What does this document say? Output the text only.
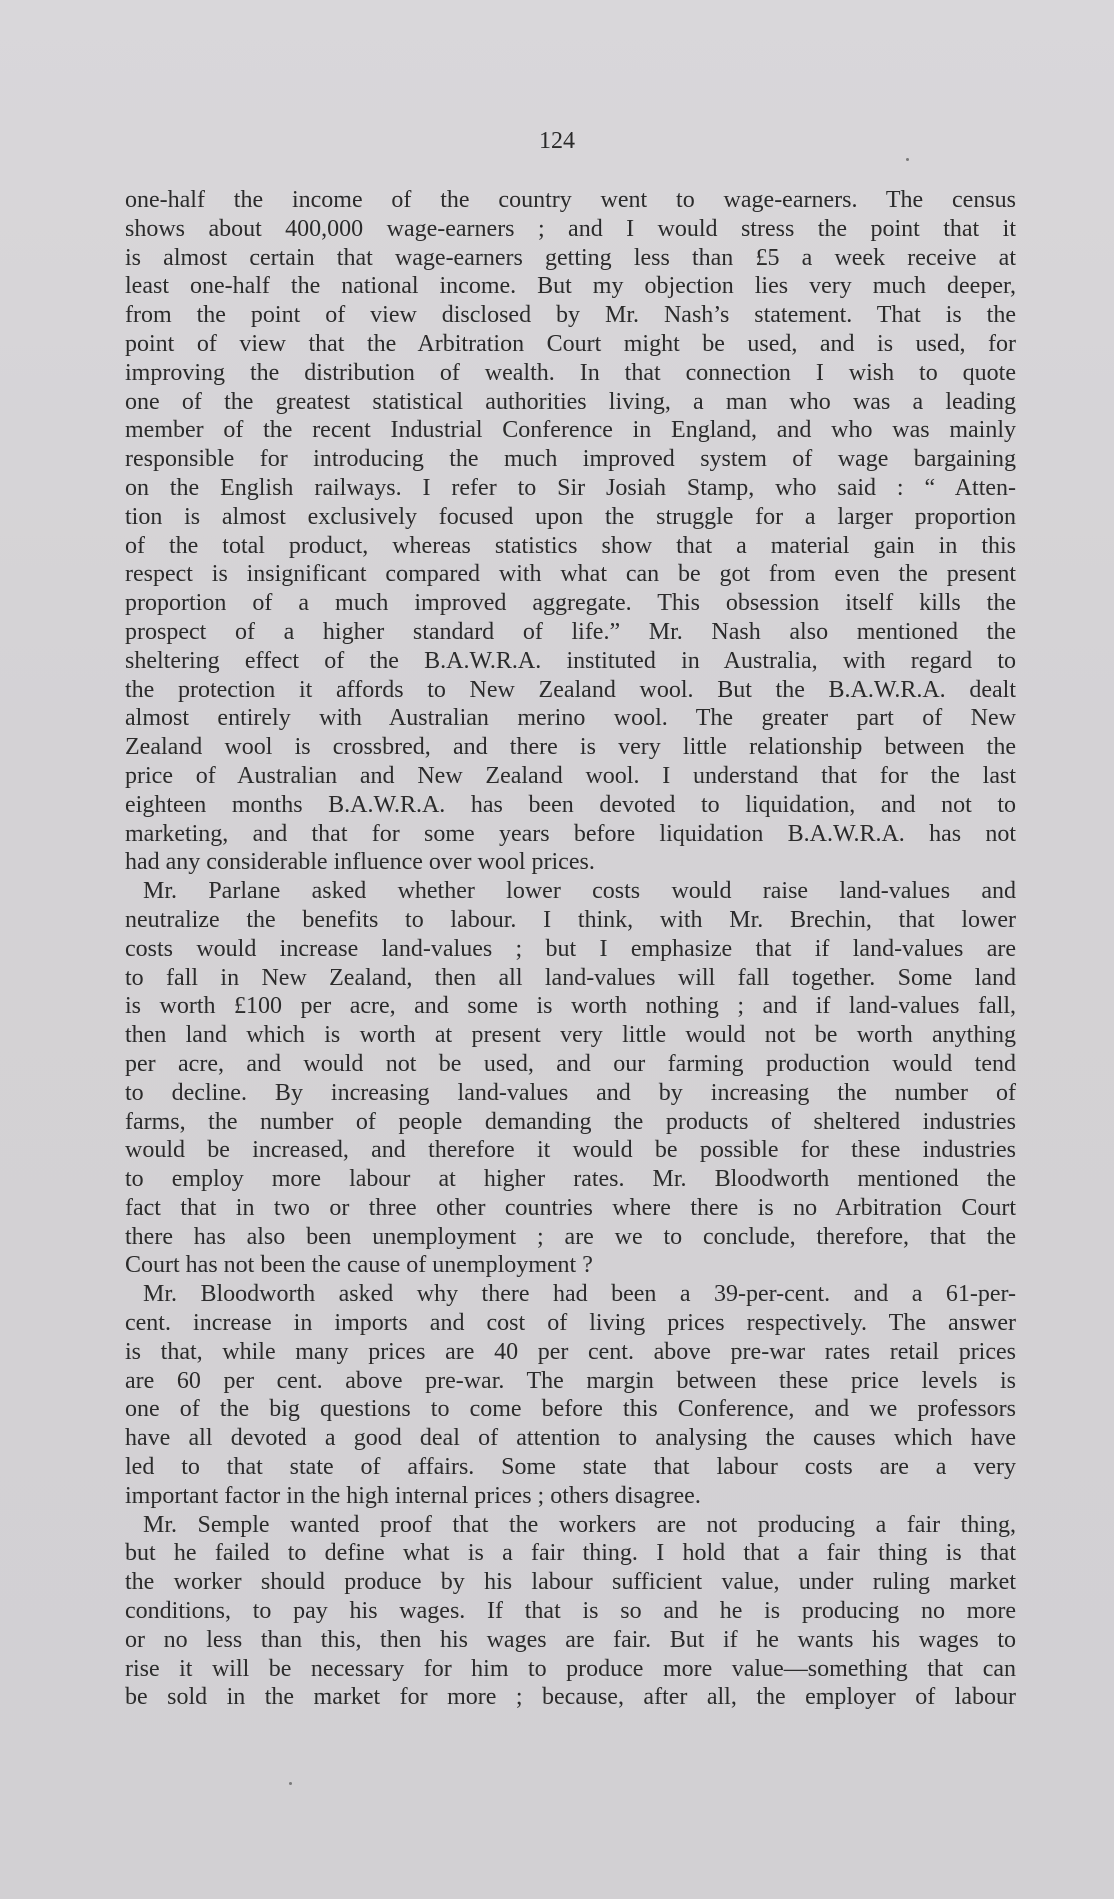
124
one-half the income of the country went to wage-earners. The census
shows about 400,000 wage-earners ; and I would stress the point that it
is almost certain that wage-earners getting less than £5 a week receive at
least one-half the national income. But my objection lies very much deeper,
from the point of view disclosed by Mr. Nash’s statement. That is the
point of view that the Arbitration Court might be used, and is used, for
improving the distribution of wealth. In that connection I wish to quote
one of the greatest statistical authorities living, a man who was a leading
member of the recent Industrial Conference in England, and who was mainly
responsible for introducing the much improved system of wage bargaining
on the English railways. I refer to Sir Josiah Stamp, who said : “ Atten-
tion is almost exclusively focused upon the struggle for a larger proportion
of the total product, whereas statistics show that a material gain in this
respect is insignificant compared with what can be got from even the present
proportion of a much improved aggregate. This obsession itself kills the
prospect of a higher standard of life.” Mr. Nash also mentioned the
sheltering effect of the B.A.W.R.A. instituted in Australia, with regard to
the protection it affords to New Zealand wool. But the B.A.W.R.A. dealt
almost entirely with Australian merino wool. The greater part of New
Zealand wool is crossbred, and there is very little relationship between the
price of Australian and New Zealand wool. I understand that for the last
eighteen months B.A.W.R.A. has been devoted to liquidation, and not to
marketing, and that for some years before liquidation B.A.W.R.A. has not
had any considerable influence over wool prices.
Mr. Parlane asked whether lower costs would raise land-values and
neutralize the benefits to labour. I think, with Mr. Brechin, that lower
costs would increase land-values ; but I emphasize that if land-values are
to fall in New Zealand, then all land-values will fall together. Some land
is worth £100 per acre, and some is worth nothing ; and if land-values fall,
then land which is worth at present very little would not be worth anything
per acre, and would not be used, and our farming production would tend
to decline. By increasing land-values and by increasing the number of
farms, the number of people demanding the products of sheltered industries
would be increased, and therefore it would be possible for these industries
to employ more labour at higher rates. Mr. Bloodworth mentioned the
fact that in two or three other countries where there is no Arbitration Court
there has also been unemployment ; are we to conclude, therefore, that the
Court has not been the cause of unemployment ?
Mr. Bloodworth asked why there had been a 39-per-cent. and a 61-per-
cent. increase in imports and cost of living prices respectively. The answer
is that, while many prices are 40 per cent. above pre-war rates retail prices
are 60 per cent. above pre-war. The margin between these price levels is
one of the big questions to come before this Conference, and we professors
have all devoted a good deal of attention to analysing the causes which have
led to that state of affairs. Some state that labour costs are a very
important factor in the high internal prices ; others disagree.
Mr. Semple wanted proof that the workers are not producing a fair thing,
but he failed to define what is a fair thing. I hold that a fair thing is that
the worker should produce by his labour sufficient value, under ruling market
conditions, to pay his wages. If that is so and he is producing no more
or no less than this, then his wages are fair. But if he wants his wages to
rise it will be necessary for him to produce more value—something that can
be sold in the market for more ; because, after all, the employer of labour
